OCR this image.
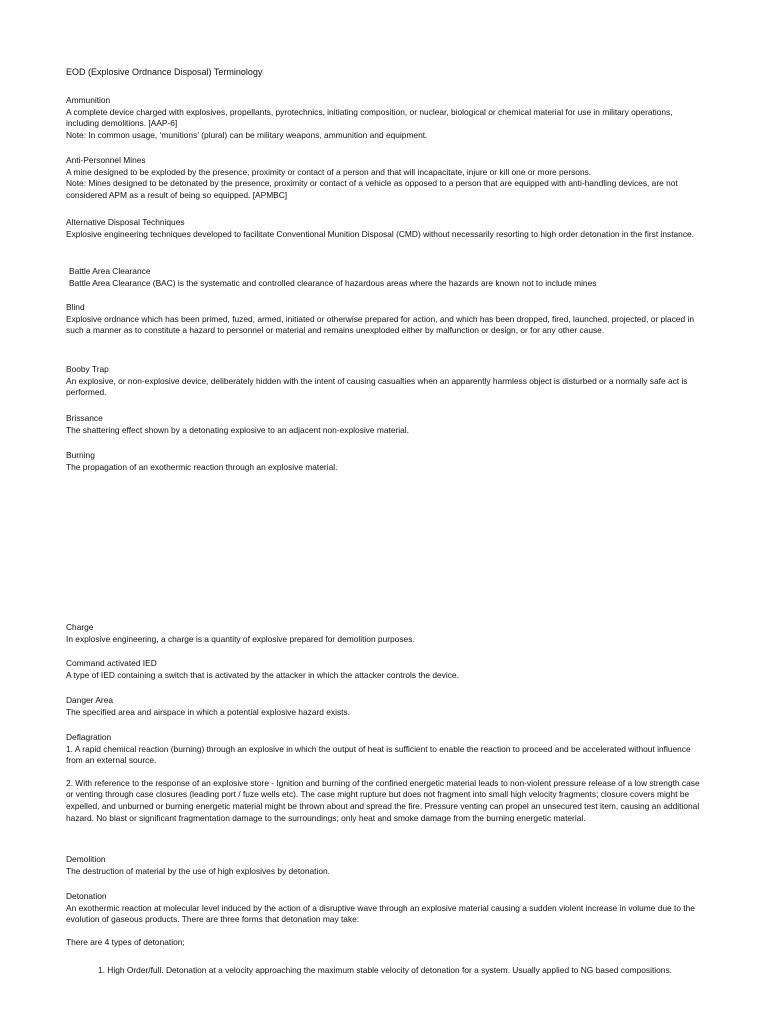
EOD (Explosive Ordnance Disposal) Terminology

Ammunition

A complete device charged with explosives, propellants, pyrotechnics, initiating composition, or nuclear, biological or chemical material for use in military operations, including demolitions. [AAP-6]

Note: In common usage, ‘munitions’ (plural) can be military weapons, ammunition and equipment.

Anti-Personnel Mines

A mine designed to be exploded by the presence, proximity or contact of a person and that will incapacitate, injure or kill one or more persons.

Note: Mines designed to be detonated by the presence, proximity or contact of a vehicle as opposed to a person that are equipped with anti-handling devices, are not considered APM as a result of being so equipped. [APMBC]

Alternative Disposal Techniques

Explosive engineering techniques developed to facilitate Conventional Munition Disposal (CMD) without necessarily resorting to high order detonation in the first instance.

Battle Area Clearance

Battle Area Clearance (BAC) is the systematic and controlled clearance of hazardous areas where the hazards are known not to include mines

Blind

Explosive ordnance which has been primed, fuzed, armed, initiated or otherwise prepared for action, and which has been dropped, fired, launched, projected, or placed in such a manner as to constitute a hazard to personnel or material and remains unexploded either by malfunction or design, or for any other cause.

Booby Trap

An explosive, or non-explosive device, deliberately hidden with the intent of causing casualties when an apparently harmless object is disturbed or a normally safe act is performed.

Brissance

The shattering effect shown by a detonating explosive to an adjacent non-explosive material.

Burning

The propagation of an exothermic reaction through an explosive material.

Charge

In explosive engineering, a charge is a quantity of explosive prepared for demolition purposes.

Command activated IED

A type of IED containing a switch that is activated by the attacker in which the attacker controls the device.

Danger Area

The specified area and airspace in which a potential explosive hazard exists.

Deflagration

1. A rapid chemical reaction (burning) through an explosive in which the output of heat is sufficient to enable the reaction to proceed and be accelerated without influence from an external source.

2. With reference to the response of an explosive store - Ignition and burning of the confined energetic material leads to non-violent pressure release of a low strength case or venting through case closures (leading port / fuze wells etc). The case might rupture but does not fragment into small high velocity fragments; closure covers might be expelled, and unburned or burning energetic material might be thrown about and spread the fire. Pressure venting can propel an unsecured test item, causing an additional hazard. No blast or significant fragmentation damage to the surroundings; only heat and smoke damage from the burning energetic material.

Demolition

The destruction of material by the use of high explosives by detonation.

Detonation

An exothermic reaction at molecular level induced by the action of a disruptive wave through an explosive material causing a sudden violent increase in volume due to the evolution of gaseous products. There are three forms that detonation may take:

There are 4 types of detonation;

1. High Order/full. Detonation at a velocity approaching the maximum stable velocity of detonation for a system. Usually applied to NG based compositions.
